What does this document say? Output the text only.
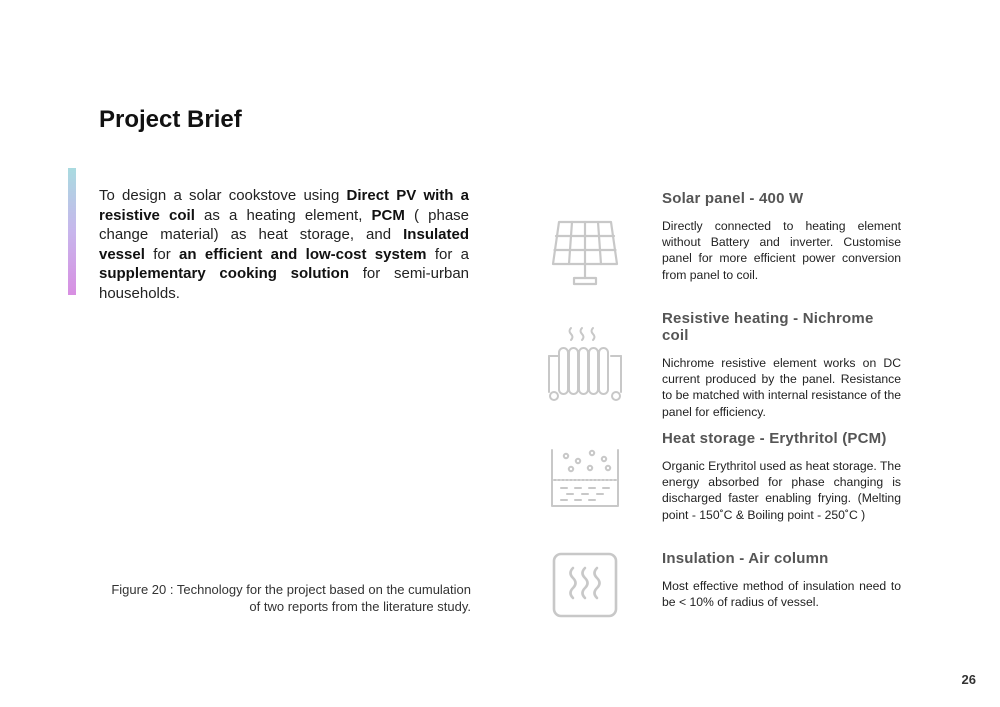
Project Brief

To design a solar cookstove using Direct PV with a resistive coil as a heating element, PCM ( phase change material) as heat storage, and Insulated vessel for an efficient and low-cost system for a supplementary cooking solution for semi-urban households.

Figure 20 : Technology for the project based on the cumulation
of two reports from the literature study.

Solar panel - 400 W

Directly connected to heating element without Battery and inverter. Customise panel for more efficient power conversion from panel to coil.

Resistive heating - Nichrome coil

Nichrome resistive element works on DC current produced by the panel. Resistance to be matched with internal resistance of the panel for efficiency.

Heat storage - Erythritol (PCM)

Organic Erythritol used as heat storage. The energy absorbed for phase changing is discharged faster enabling frying. (Melting point - 150˚C & Boiling point - 250˚C )

Insulation - Air column

Most effective method of insulation need to be < 10% of radius of vessel.

26
